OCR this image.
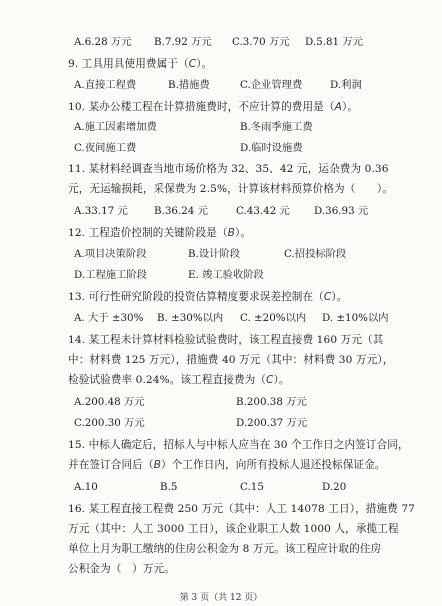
A.6.28 万元 B.7.92 万元 C.3.70 万元 D.5.81 万元
9. 工具用具使用费属于（C）。
A.直接工程费	B.措施费	C.企业管理费	D.利润
10. 某办公楼工程在计算措施费时，不应计算的费用是（A）。
A.施工因素增加费	B.冬雨季施工费
C.夜间施工费	D.临时设施费
11. 某材料经调查当地市场价格为 32、35、42 元，运杂费为 0.36
元，无运输损耗，采保费为 2.5%，计算该材料预算价格为（　　）。
A.33.17 元	B.36.24 元	C.43.42 元 D.36.93 元
12. 工程造价控制的关键阶段是（B）。
A.项目决策阶段	B.设计阶段	C.招投标阶段
D.工程施工阶段	E. 竣工验收阶段
13. 可行性研究阶段的投资估算精度要求误差控制在（C）。
A. 大于 ±30% B. ±30%以内 C. ±20%以内 D. ±10%以内
14. 某工程未计算材料检验试验费时，该工程直接费 160 万元（其
中：材料费 125 万元），措施费 40 万元（其中：材料费 30 万元），
检验试验费率 0.24%。该工程直接费为（C）。
A.200.48 万元	B.200.38 万元
C.200.30 万元	D.200.37 万元
15. 中标人确定后，招标人与中标人应当在 30 个工作日之内签订合同，
并在签订合同后（B）个工作日内，向所有投标人退还投标保证金。
A.10	B.5	C.15	D.20
16. 某工程直接工程费 250 万元（其中：人工 14078 工日），措施费 77
万元（其中：人工 3000 工日），该企业职工人数 1000 人，承揽工程
单位上月为职工缴纳的住房公积金为 8 万元。该工程应计取的住房
公积金为（　）万元。
第 3 页（共 12 页）
